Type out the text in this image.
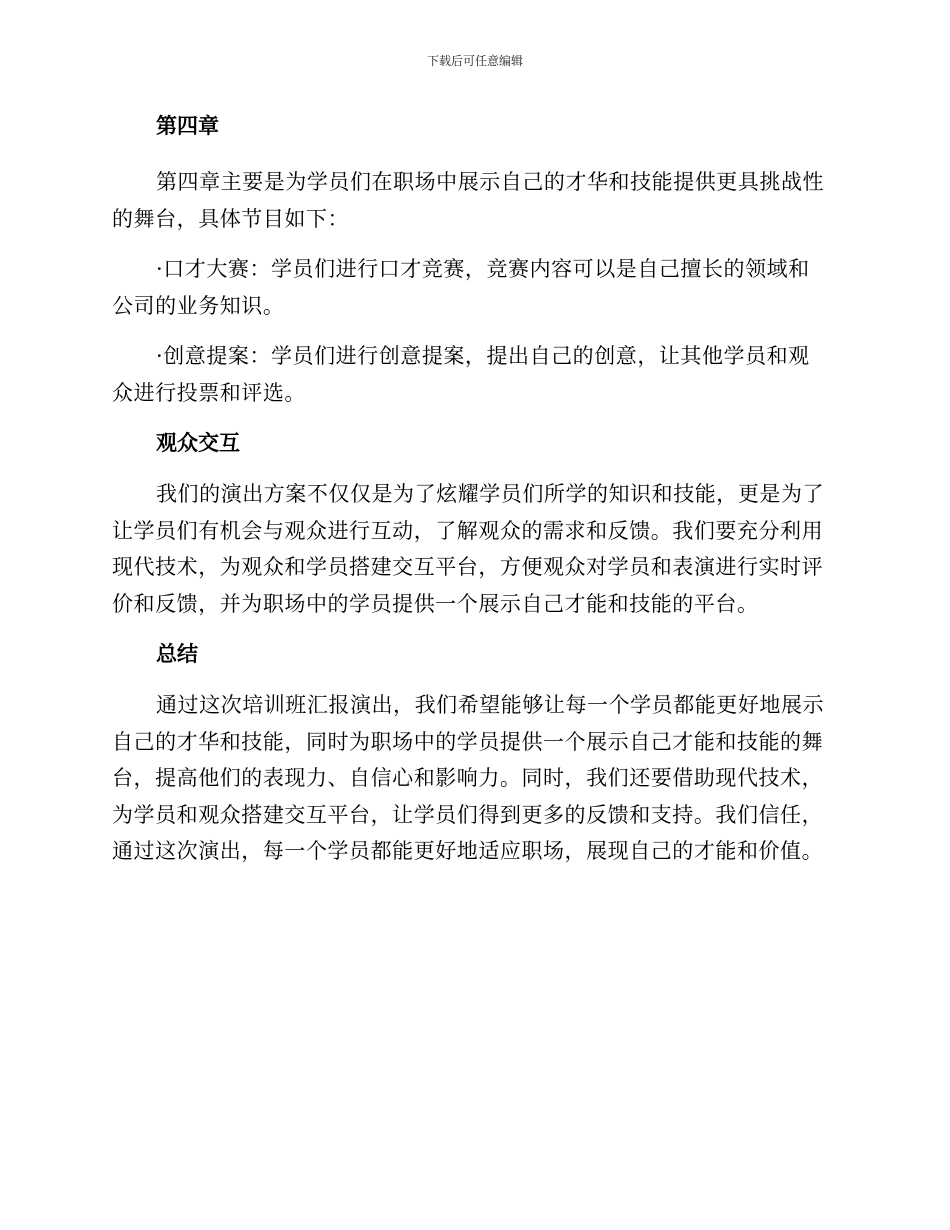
下载后可任意编辑
第四章

第四章主要是为学员们在职场中展示自己的才华和技能提供更具挑战性的舞台，具体节目如下：

·口才大赛：学员们进行口才竞赛，竞赛内容可以是自己擅长的领域和公司的业务知识。

·创意提案：学员们进行创意提案，提出自己的创意，让其他学员和观众进行投票和评选。

观众交互

我们的演出方案不仅仅是为了炫耀学员们所学的知识和技能，更是为了让学员们有机会与观众进行互动，了解观众的需求和反馈。我们要充分利用现代技术，为观众和学员搭建交互平台，方便观众对学员和表演进行实时评价和反馈，并为职场中的学员提供一个展示自己才能和技能的平台。

总结

通过这次培训班汇报演出，我们希望能够让每一个学员都能更好地展示自己的才华和技能，同时为职场中的学员提供一个展示自己才能和技能的舞台，提高他们的表现力、自信心和影响力。同时，我们还要借助现代技术，为学员和观众搭建交互平台，让学员们得到更多的反馈和支持。我们信任，通过这次演出，每一个学员都能更好地适应职场，展现自己的才能和价值。
